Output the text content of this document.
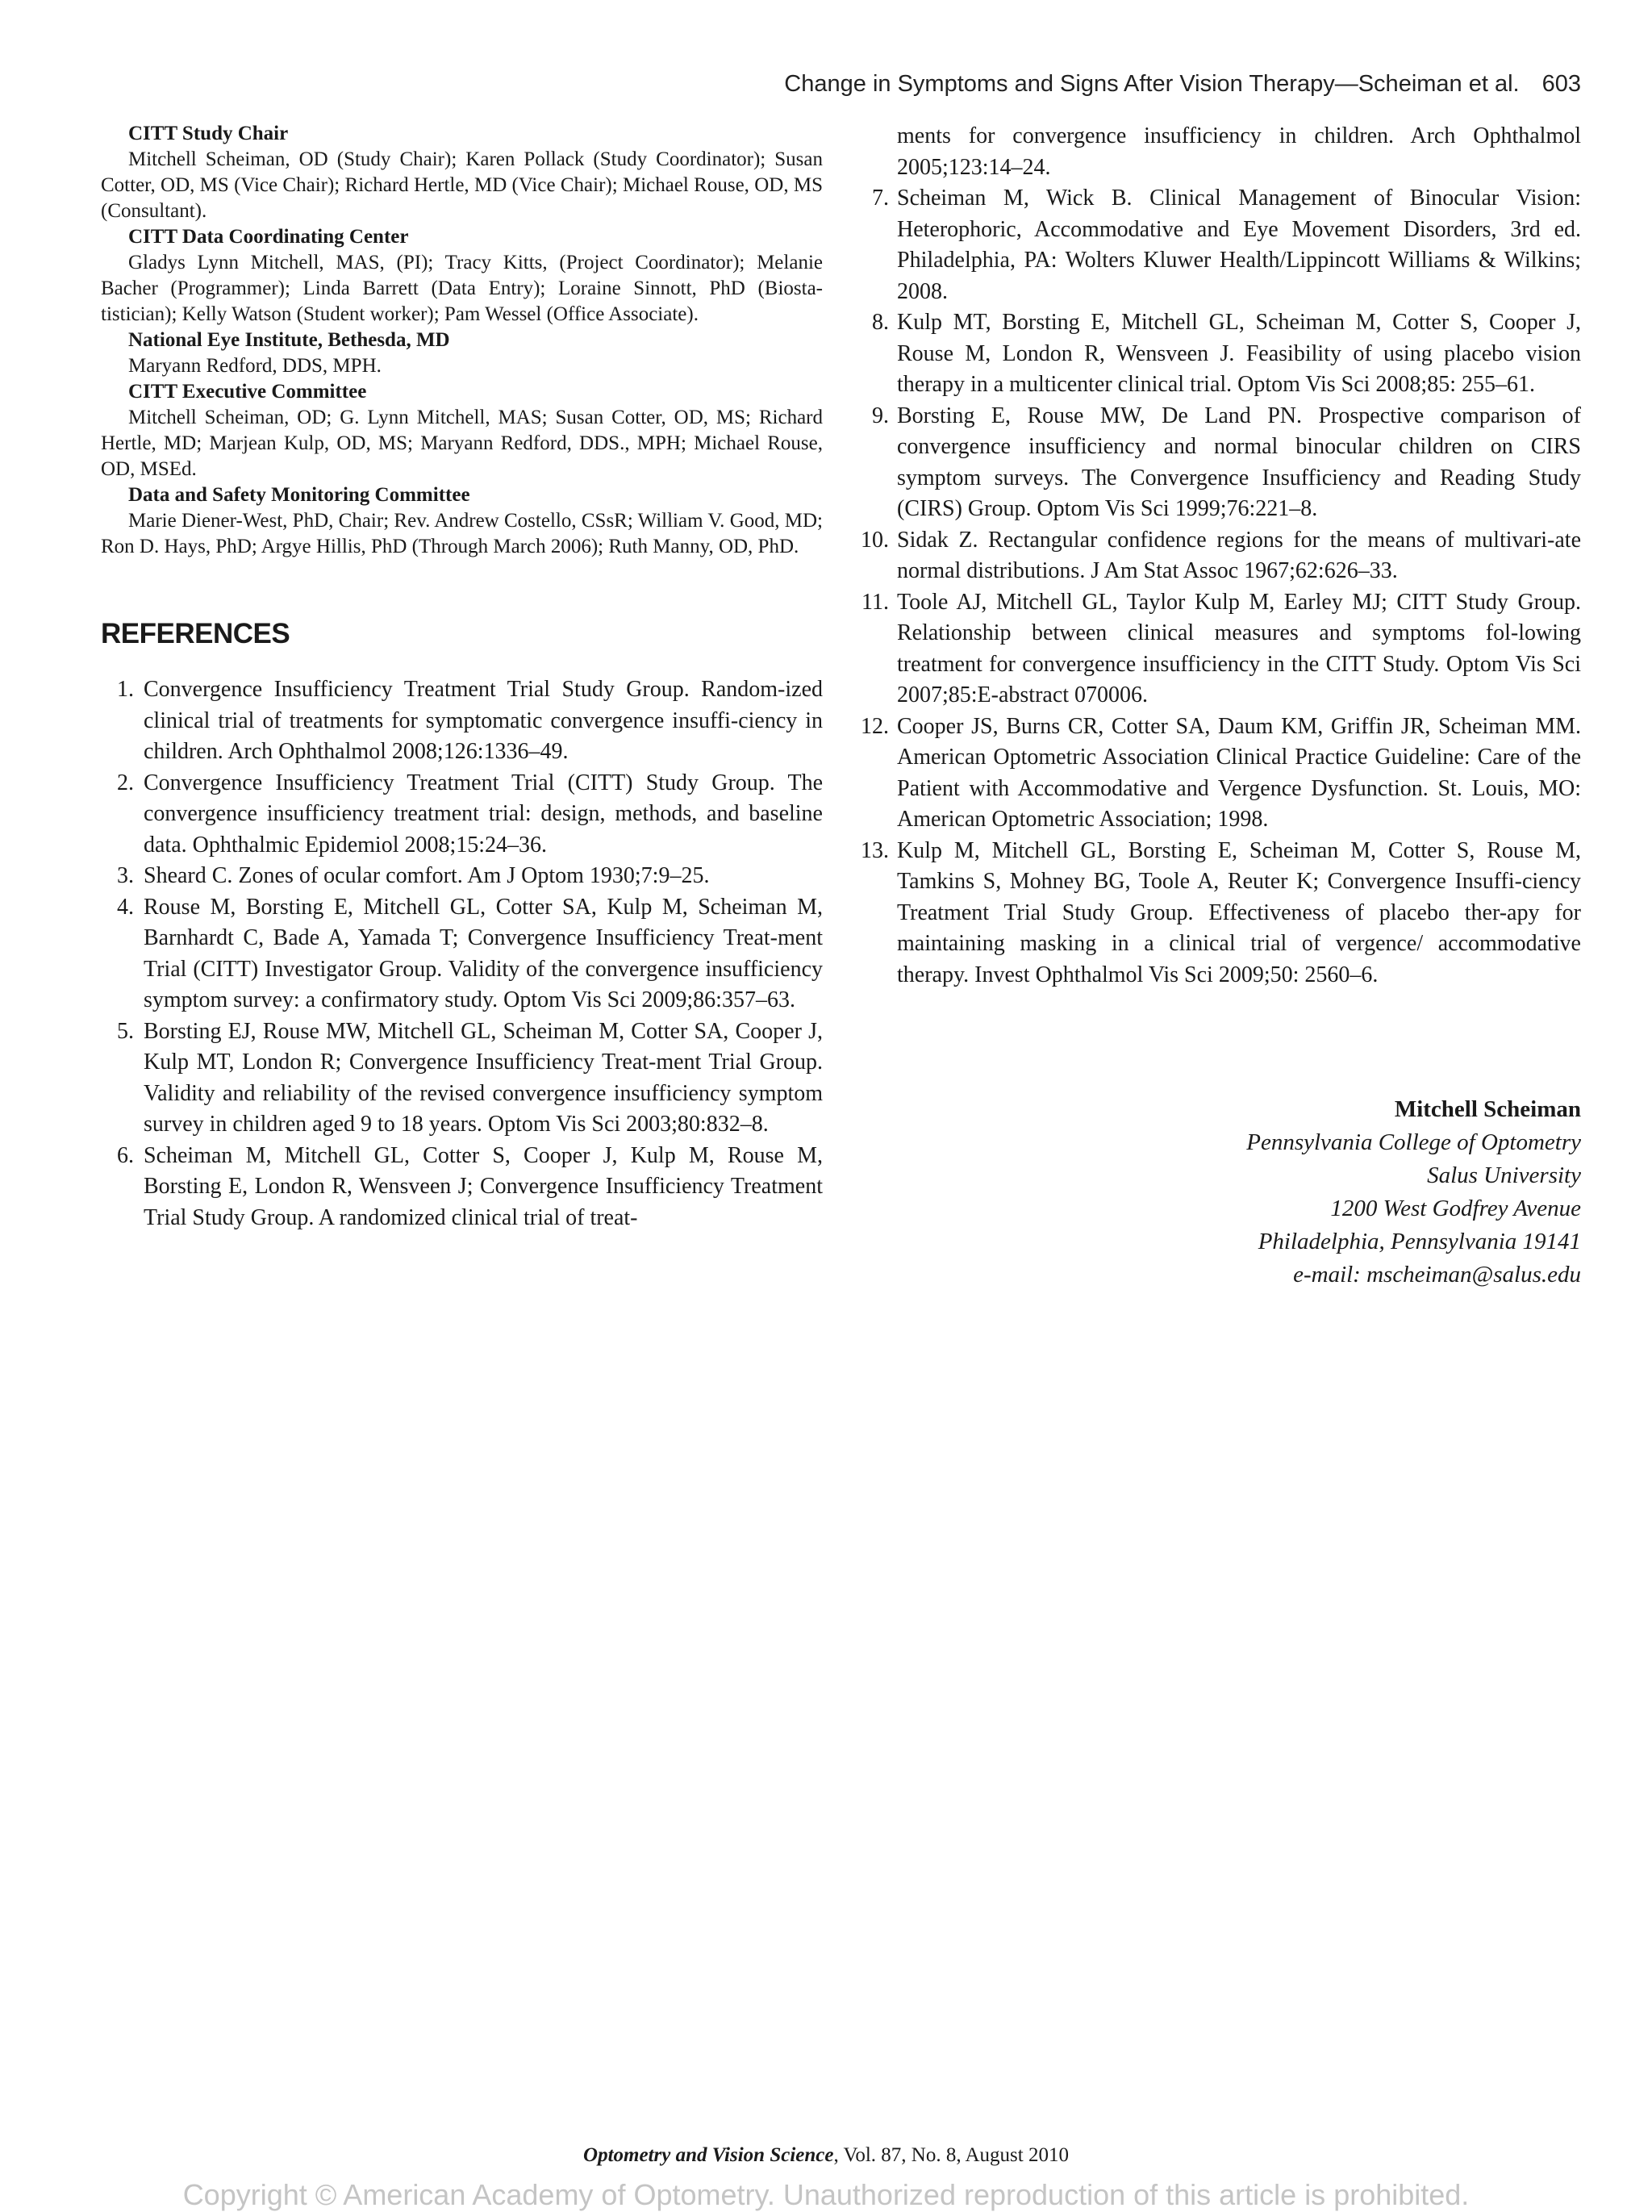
Change in Symptoms and Signs After Vision Therapy—Scheiman et al. 603
CITT Study Chair

Mitchell Scheiman, OD (Study Chair); Karen Pollack (Study Coordinator); Susan Cotter, OD, MS (Vice Chair); Richard Hertle, MD (Vice Chair); Michael Rouse, OD, MS (Consultant).

CITT Data Coordinating Center

Gladys Lynn Mitchell, MAS, (PI); Tracy Kitts, (Project Coordinator); Melanie Bacher (Programmer); Linda Barrett (Data Entry); Loraine Sinnott, PhD (Biosta-tistician); Kelly Watson (Student worker); Pam Wessel (Office Associate).

National Eye Institute, Bethesda, MD

Maryann Redford, DDS, MPH.

CITT Executive Committee

Mitchell Scheiman, OD; G. Lynn Mitchell, MAS; Susan Cotter, OD, MS; Richard Hertle, MD; Marjean Kulp, OD, MS; Maryann Redford, DDS., MPH; Michael Rouse, OD, MSEd.

Data and Safety Monitoring Committee

Marie Diener-West, PhD, Chair; Rev. Andrew Costello, CSsR; William V. Good, MD; Ron D. Hays, PhD; Argye Hillis, PhD (Through March 2006); Ruth Manny, OD, PhD.

REFERENCES
1. Convergence Insufficiency Treatment Trial Study Group. Random-ized clinical trial of treatments for symptomatic convergence insuffi-ciency in children. Arch Ophthalmol 2008;126:1336–49.
2. Convergence Insufficiency Treatment Trial (CITT) Study Group. The convergence insufficiency treatment trial: design, methods, and baseline data. Ophthalmic Epidemiol 2008;15:24–36.
3. Sheard C. Zones of ocular comfort. Am J Optom 1930;7:9–25.
4. Rouse M, Borsting E, Mitchell GL, Cotter SA, Kulp M, Scheiman M, Barnhardt C, Bade A, Yamada T; Convergence Insufficiency Treat-ment Trial (CITT) Investigator Group. Validity of the convergence insufficiency symptom survey: a confirmatory study. Optom Vis Sci 2009;86:357–63.
5. Borsting EJ, Rouse MW, Mitchell GL, Scheiman M, Cotter SA, Cooper J, Kulp MT, London R; Convergence Insufficiency Treat-ment Trial Group. Validity and reliability of the revised convergence insufficiency symptom survey in children aged 9 to 18 years. Optom Vis Sci 2003;80:832–8.
6. Scheiman M, Mitchell GL, Cotter S, Cooper J, Kulp M, Rouse M, Borsting E, London R, Wensveen J; Convergence Insufficiency Treatment Trial Study Group. A randomized clinical trial of treat-
ments for convergence insufficiency in children. Arch Ophthalmol 2005;123:14–24.
7. Scheiman M, Wick B. Clinical Management of Binocular Vision: Heterophoric, Accommodative and Eye Movement Disorders, 3rd ed. Philadelphia, PA: Wolters Kluwer Health/Lippincott Williams & Wilkins; 2008.
8. Kulp MT, Borsting E, Mitchell GL, Scheiman M, Cotter S, Cooper J, Rouse M, London R, Wensveen J. Feasibility of using placebo vision therapy in a multicenter clinical trial. Optom Vis Sci 2008;85: 255–61.
9. Borsting E, Rouse MW, De Land PN. Prospective comparison of convergence insufficiency and normal binocular children on CIRS symptom surveys. The Convergence Insufficiency and Reading Study (CIRS) Group. Optom Vis Sci 1999;76:221–8.
10. Sidak Z. Rectangular confidence regions for the means of multivari-ate normal distributions. J Am Stat Assoc 1967;62:626–33.
11. Toole AJ, Mitchell GL, Taylor Kulp M, Earley MJ; CITT Study Group. Relationship between clinical measures and symptoms fol-lowing treatment for convergence insufficiency in the CITT Study. Optom Vis Sci 2007;85:E-abstract 070006.
12. Cooper JS, Burns CR, Cotter SA, Daum KM, Griffin JR, Scheiman MM. American Optometric Association Clinical Practice Guideline: Care of the Patient with Accommodative and Vergence Dysfunction. St. Louis, MO: American Optometric Association; 1998.
13. Kulp M, Mitchell GL, Borsting E, Scheiman M, Cotter S, Rouse M, Tamkins S, Mohney BG, Toole A, Reuter K; Convergence Insuffi-ciency Treatment Trial Study Group. Effectiveness of placebo ther-apy for maintaining masking in a clinical trial of vergence/ accommodative therapy. Invest Ophthalmol Vis Sci 2009;50: 2560–6.
Mitchell Scheiman
Pennsylvania College of Optometry
Salus University
1200 West Godfrey Avenue
Philadelphia, Pennsylvania 19141
e-mail: mscheiman@salus.edu
Optometry and Vision Science, Vol. 87, No. 8, August 2010
Copyright © American Academy of Optometry. Unauthorized reproduction of this article is prohibited.
